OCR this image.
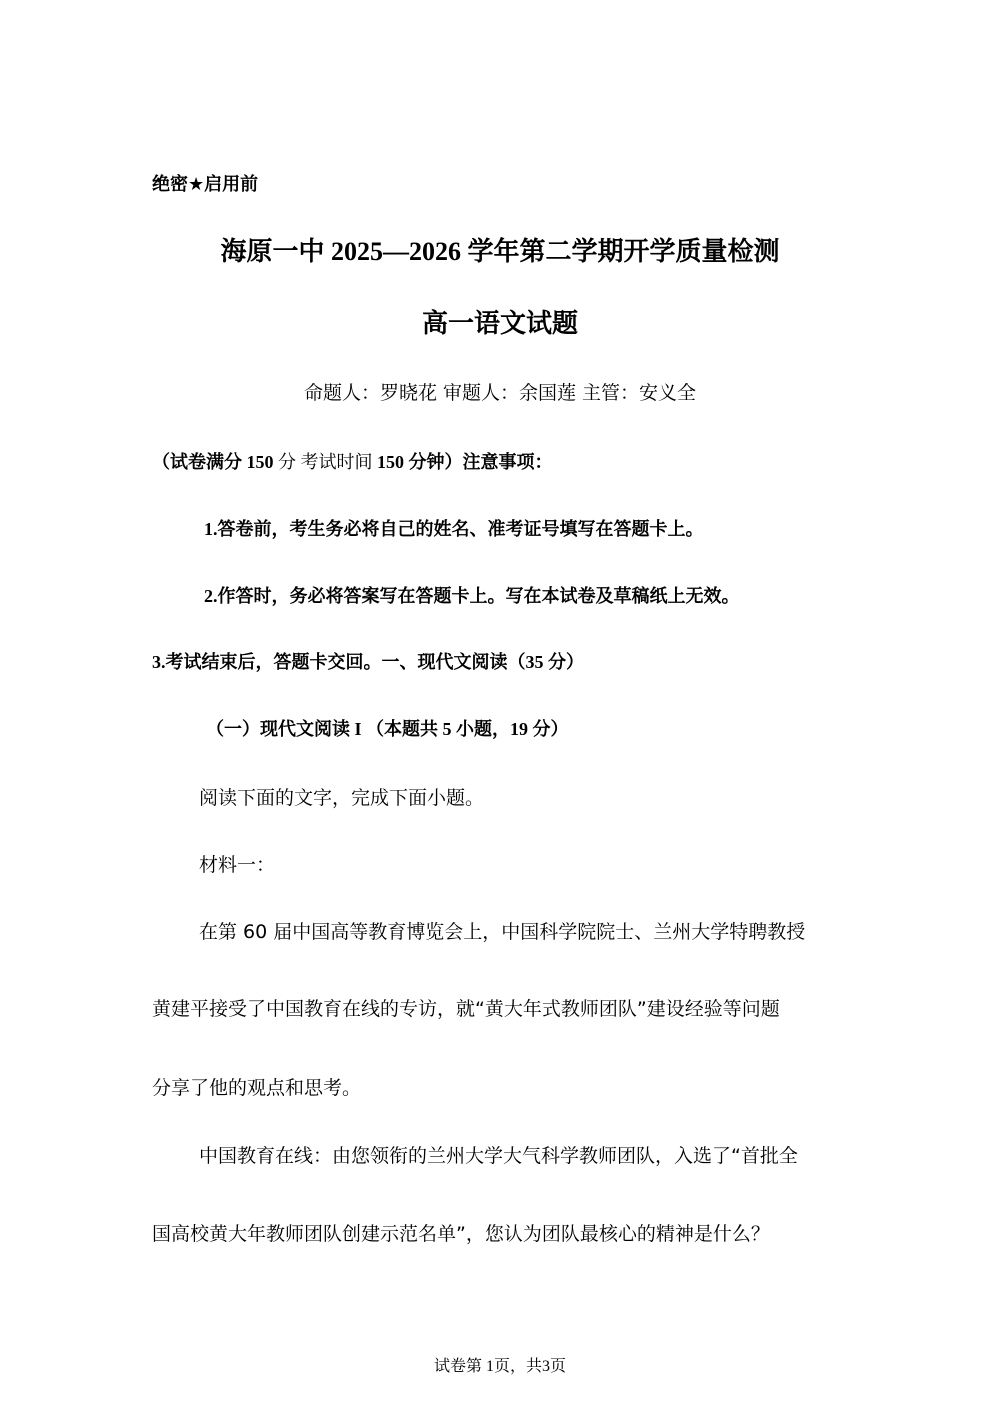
绝密★启用前
海原一中 2025—2026 学年第二学期开学质量检测
高一语文试题
命题人：罗晓花 审题人：余国莲 主管：安义全
（试卷满分 150 分 考试时间 150 分钟）注意事项：
1.答卷前，考生务必将自己的姓名、准考证号填写在答题卡上。
2.作答时，务必将答案写在答题卡上。写在本试卷及草稿纸上无效。
3.考试结束后，答题卡交回。一、现代文阅读（35 分）
（一）现代文阅读 I （本题共 5 小题，19 分）
阅读下面的文字，完成下面小题。
材料一：
在第 60 届中国高等教育博览会上，中国科学院院士、兰州大学特聘教授
黄建平接受了中国教育在线的专访，就“黄大年式教师团队”建设经验等问题
分享了他的观点和思考。
中国教育在线：由您领衔的兰州大学大气科学教师团队，入选了“首批全
国高校黄大年教师团队创建示范名单”，您认为团队最核心的精神是什么？
试卷第 1页，共3页
